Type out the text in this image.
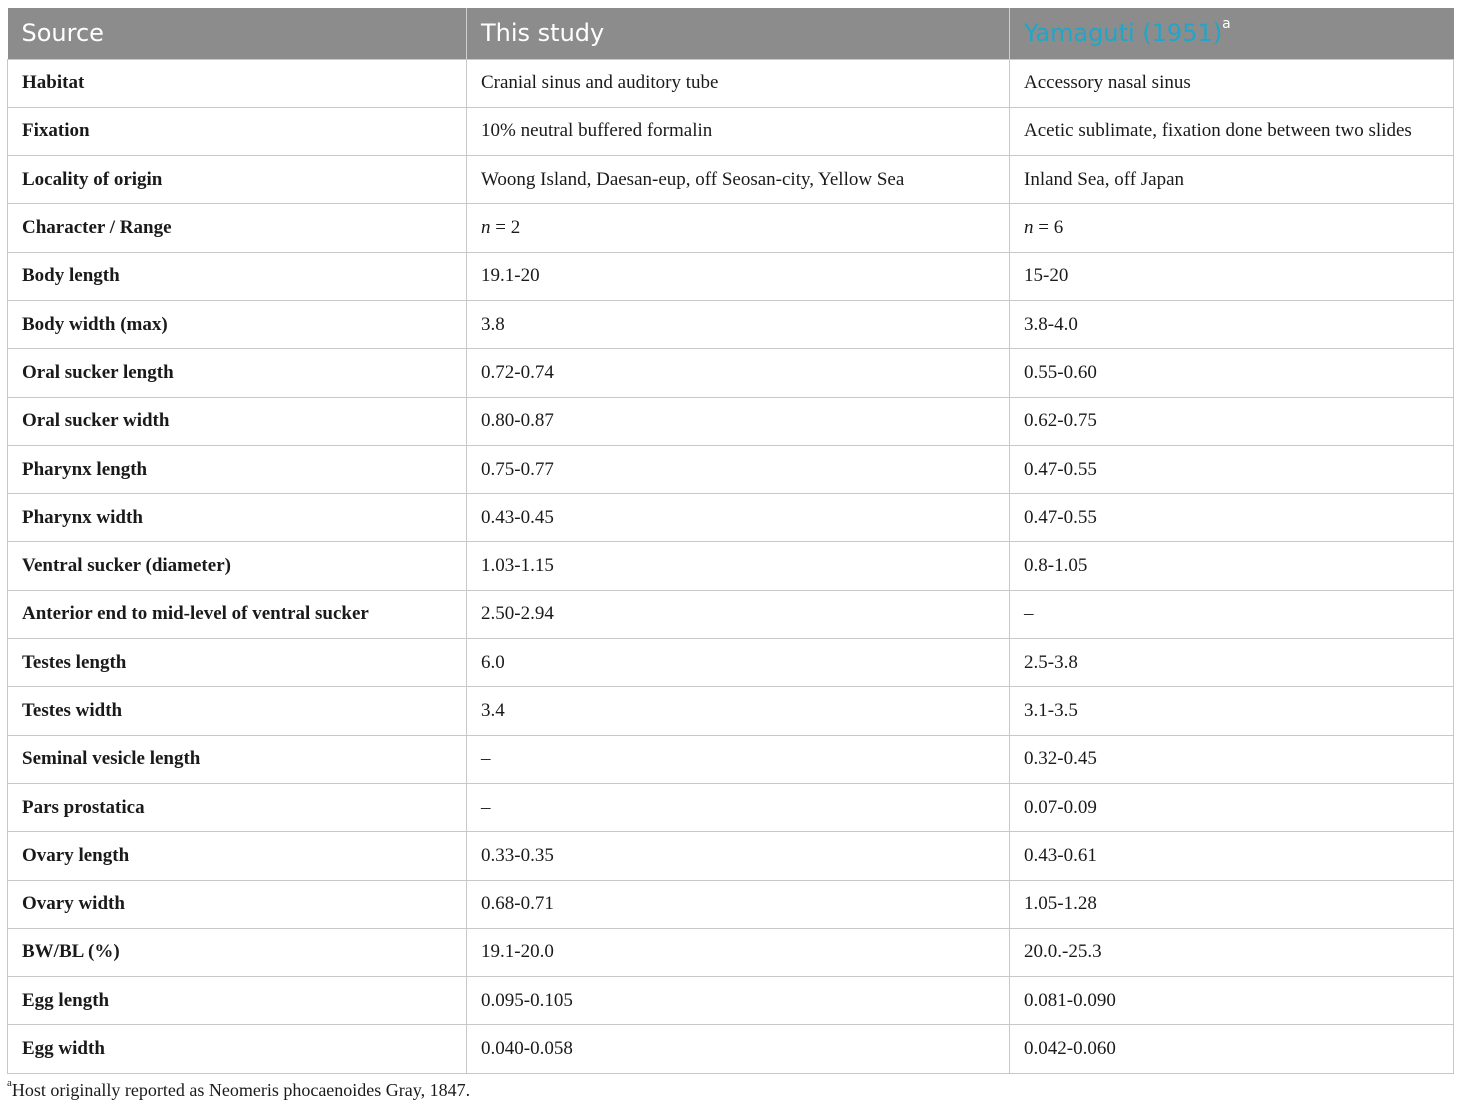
Source	This study	Yamaguti $(1951)^a$
Habitat	Cranial sinus and auditory tube	Accessory nasal sinus
Fixation	10% neutral buffered formalin	Acetic sublimate, fixation done between two slides
Locality of origin	Woong Island, Daesan-eup, off Seosan-city, Yellow Sea	Inland Sea, off Japan
Character / Range	n = 2	n = 6
Body length	19.1-20	15-20
Body width (max)	3.8	3.8-4.0
Oral sucker length	0.72-0.74	0.55-0.60
Oral sucker width	0.80-0.87	0.62-0.75
Pharynx length	0.75-0.77	0.47-0.55
Pharynx width	0.43-0.45	0.47-0.55
Ventral sucker (diameter)	1.03-1.15	0.8-1.05
Anterior end to mid-level of ventral sucker	2.50-2.94	–
Testes length	6.0	2.5-3.8
Testes width	3.4	3.1-3.5
Seminal vesicle length	–	0.32-0.45
Pars prostatica	–	0.07-0.09
Ovary length	0.33-0.35	0.43-0.61
Ovary width	0.68-0.71	1.05-1.28
BW/BL (%)	19.1-20.0	20.0.-25.3
Egg length	0.095-0.105	0.081-0.090
Egg width	0.040-0.058	0.042-0.060
$^a$Host originally reported as Neomeris phocaenoides Gray, 1847.
